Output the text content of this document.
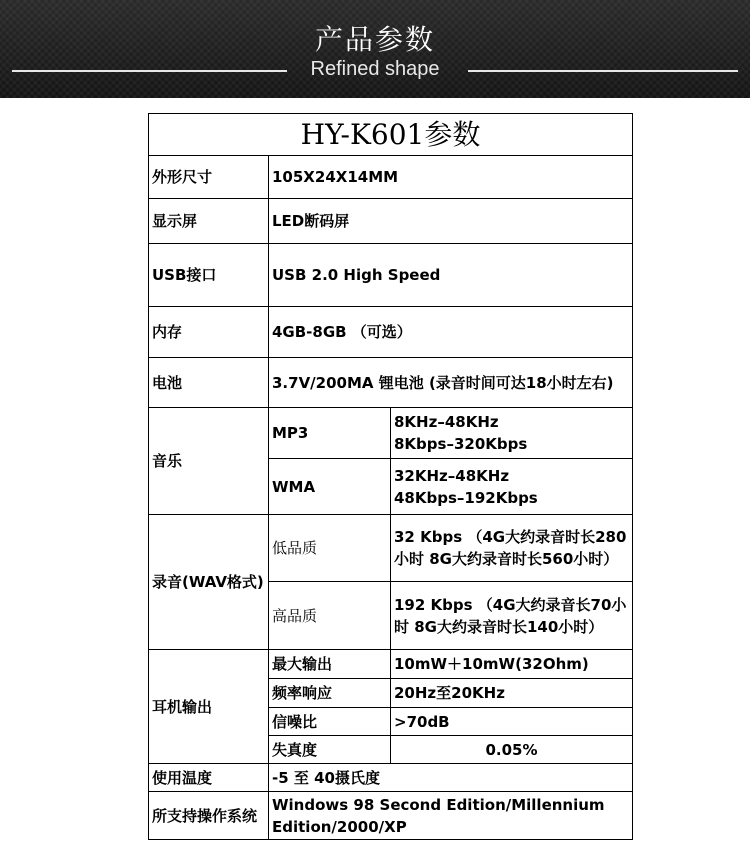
产品参数
Refined shape
HY-K601参数		
外形尺寸	105X24X14MM	
显示屏	LED断码屏	
USB接口	USB 2.0 High Speed	
内存	4GB-8GB （可选）	
电池	3.7V/200MA 锂电池 (录音时间可达18小时左右)	
音乐	MP3	8KHz–48KHz
8Kbps–320Kbps

	WMA	32KHz–48KHz
48Kbps–192Kbps

录音(WAV格式)	低品质	32 Kbps （4G大约录音时长280小时 8G大约录音时长560小时）
	高品质	192 Kbps （4G大约录音长70小时 8G大约录音时长140小时）
耳机输出	最大输出	10mW＋10mW(32Ohm)
	频率响应	20Hz至20KHz
	信噪比	>70dB
	失真度	0.05%
使用温度	-5 至 40摄氏度	
所支持操作系统	Windows 98 Second Edition/Millennium Edition/2000/XP	
